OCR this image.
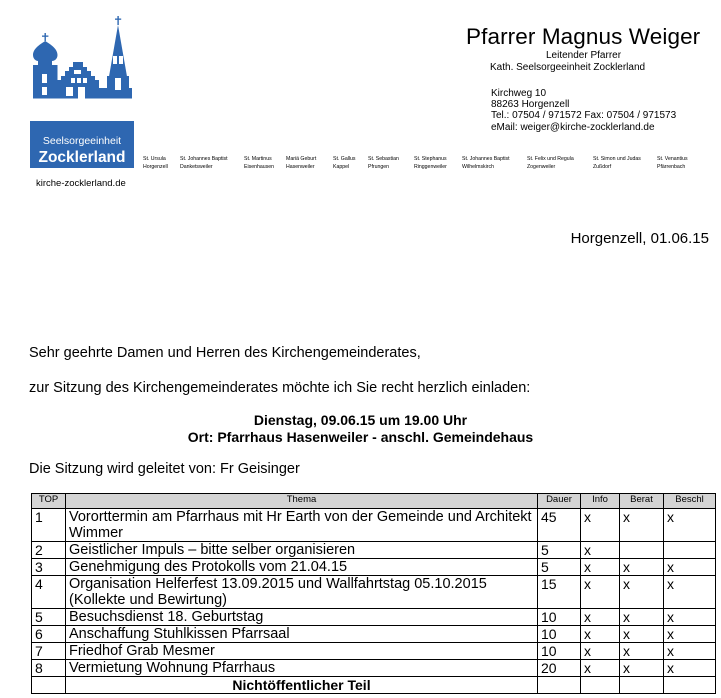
Seelsorgeeinheit
Zocklerland
kirche-zocklerland.de
Pfarrer Magnus Weiger
Leitender Pfarrer
Kath. Seelsorgeeinheit Zocklerland
Kirchweg 10
88263 Horgenzell
Tel.: 07504 / 971572 Fax: 07504 / 971573
eMail: weiger@kirche-zocklerland.de
St. Ursula
Horgenzell
St. Johannes Baptist
Danketsweiler
St. Martinus
Eisenhausen
Mariä Geburt
Hasenweiler
St. Gallus
Kappel
St. Sebastian
Pfrungen
St. Stephanus
Ringgenweiler
St. Johannes Baptist
Wilhelmskirch
St. Felix und Regula
Zogenweiler
St. Simon und Judas
Zußdorf
St. Venantius
Pfärrenbach
Horgenzell, 01.06.15
Sehr geehrte Damen und Herren des Kirchengemeinderates,
zur Sitzung des Kirchengemeinderates möchte ich Sie recht herzlich einladen:
Dienstag, 09.06.15 um 19.00 Uhr
Ort: Pfarrhaus Hasenweiler - anschl. Gemeindehaus
Die Sitzung wird geleitet von: Fr Geisinger
TOP	Thema	Dauer	Info	Berat	Beschl
1	Vororttermin am Pfarrhaus mit Hr Earth von der Gemeinde und Architekt Wimmer	45	x	x	x
2	Geistlicher Impuls – bitte selber organisieren	5	x		
3	Genehmigung des Protokolls vom 21.04.15	5	x	x	x
4	Organisation Helferfest 13.09.2015 und Wallfahrtstag 05.10.2015 (Kollekte und Bewirtung)	15	x	x	x
5	Besuchsdienst 18. Geburtstag	10	x	x	x
6	Anschaffung Stuhlkissen Pfarrsaal	10	x	x	x
7	Friedhof Grab Mesmer	10	x	x	x
8	Vermietung Wohnung Pfarrhaus	20	x	x	x
	Nichtöffentlicher Teil				
